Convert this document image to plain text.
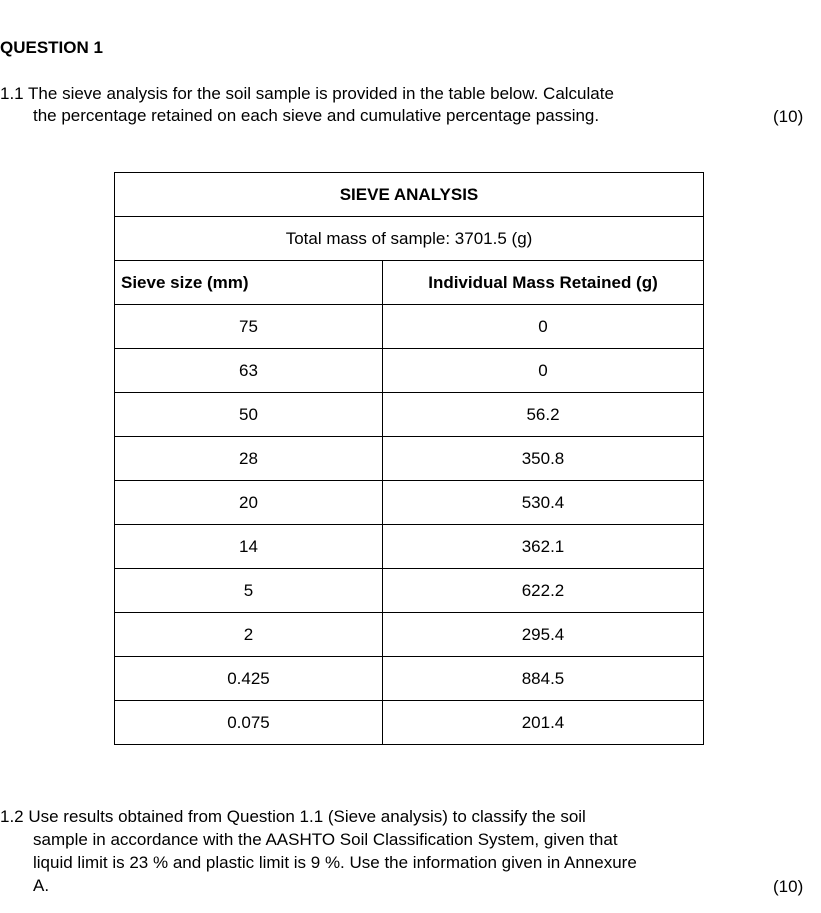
QUESTION 1
1.1 The sieve analysis for the soil sample is provided in the table below. Calculate
the percentage retained on each sieve and cumulative percentage passing.	(10)
SIEVE ANALYSIS	
Total mass of sample: 3701.5 (g)	
Sieve size (mm)	Individual Mass Retained (g)
75	0
63	0
50	56.2
28	350.8
20	530.4
14	362.1
5	622.2
2	295.4
0.425	884.5
0.075	201.4
1.2 Use results obtained from Question 1.1 (Sieve analysis) to classify the soil
sample in accordance with the AASHTO Soil Classification System, given that
liquid limit is 23 % and plastic limit is 9 %. Use the information given in Annexure
A.	(10)
